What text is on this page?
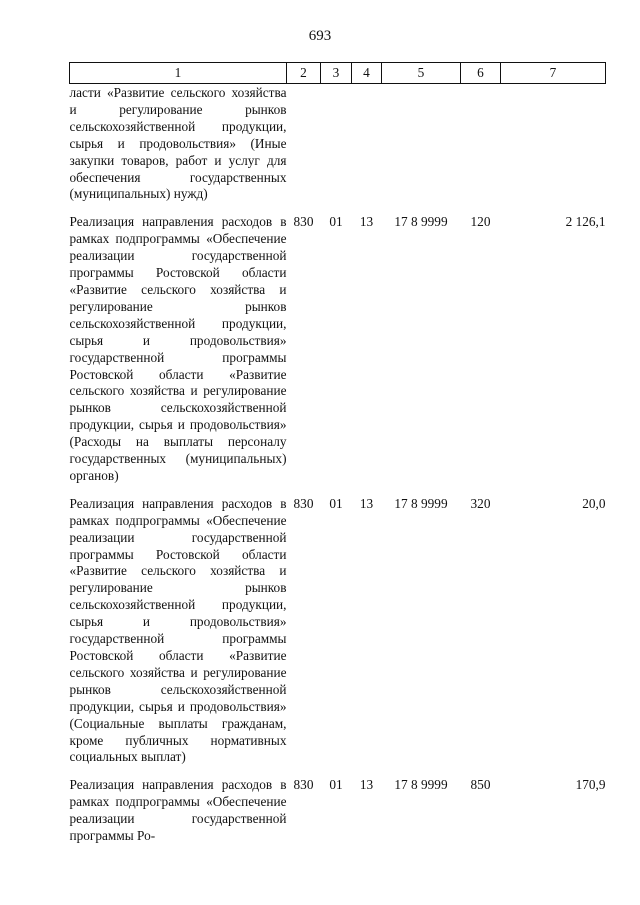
693
1	2	3	4	5	6	7
ласти «Развитие сельского хозяйства и регулирование рынков сельскохозяйственной продукции, сырья и продовольствия» (Иные закупки товаров, работ и услуг для обеспечения государственных (муниципальных) нужд)						
Реализация направления расходов в рамках подпрограммы «Обеспечение реализации государственной программы Ростовской области «Развитие сельского хозяйства и регулирование рынков сельскохозяйственной продукции, сырья и продовольствия» государственной программы Ростовской области «Развитие сельского хозяйства и регулирование рынков сельскохозяйственной продукции, сырья и продовольствия» (Расходы на выплаты персоналу государственных (муниципальных) органов)	830	01	13	17 8 9999	120	2 126,1
Реализация направления расходов в рамках подпрограммы «Обеспечение реализации государственной программы Ростовской области «Развитие сельского хозяйства и регулирование рынков сельскохозяйственной продукции, сырья и продовольствия» государственной программы Ростовской области «Развитие сельского хозяйства и регулирование рынков сельскохозяйственной продукции, сырья и продовольствия» (Социальные выплаты гражданам, кроме публичных нормативных социальных выплат)	830	01	13	17 8 9999	320	20,0
Реализация направления расходов в рамках подпрограммы «Обеспечение реализации государственной программы Ро-	830	01	13	17 8 9999	850	170,9
